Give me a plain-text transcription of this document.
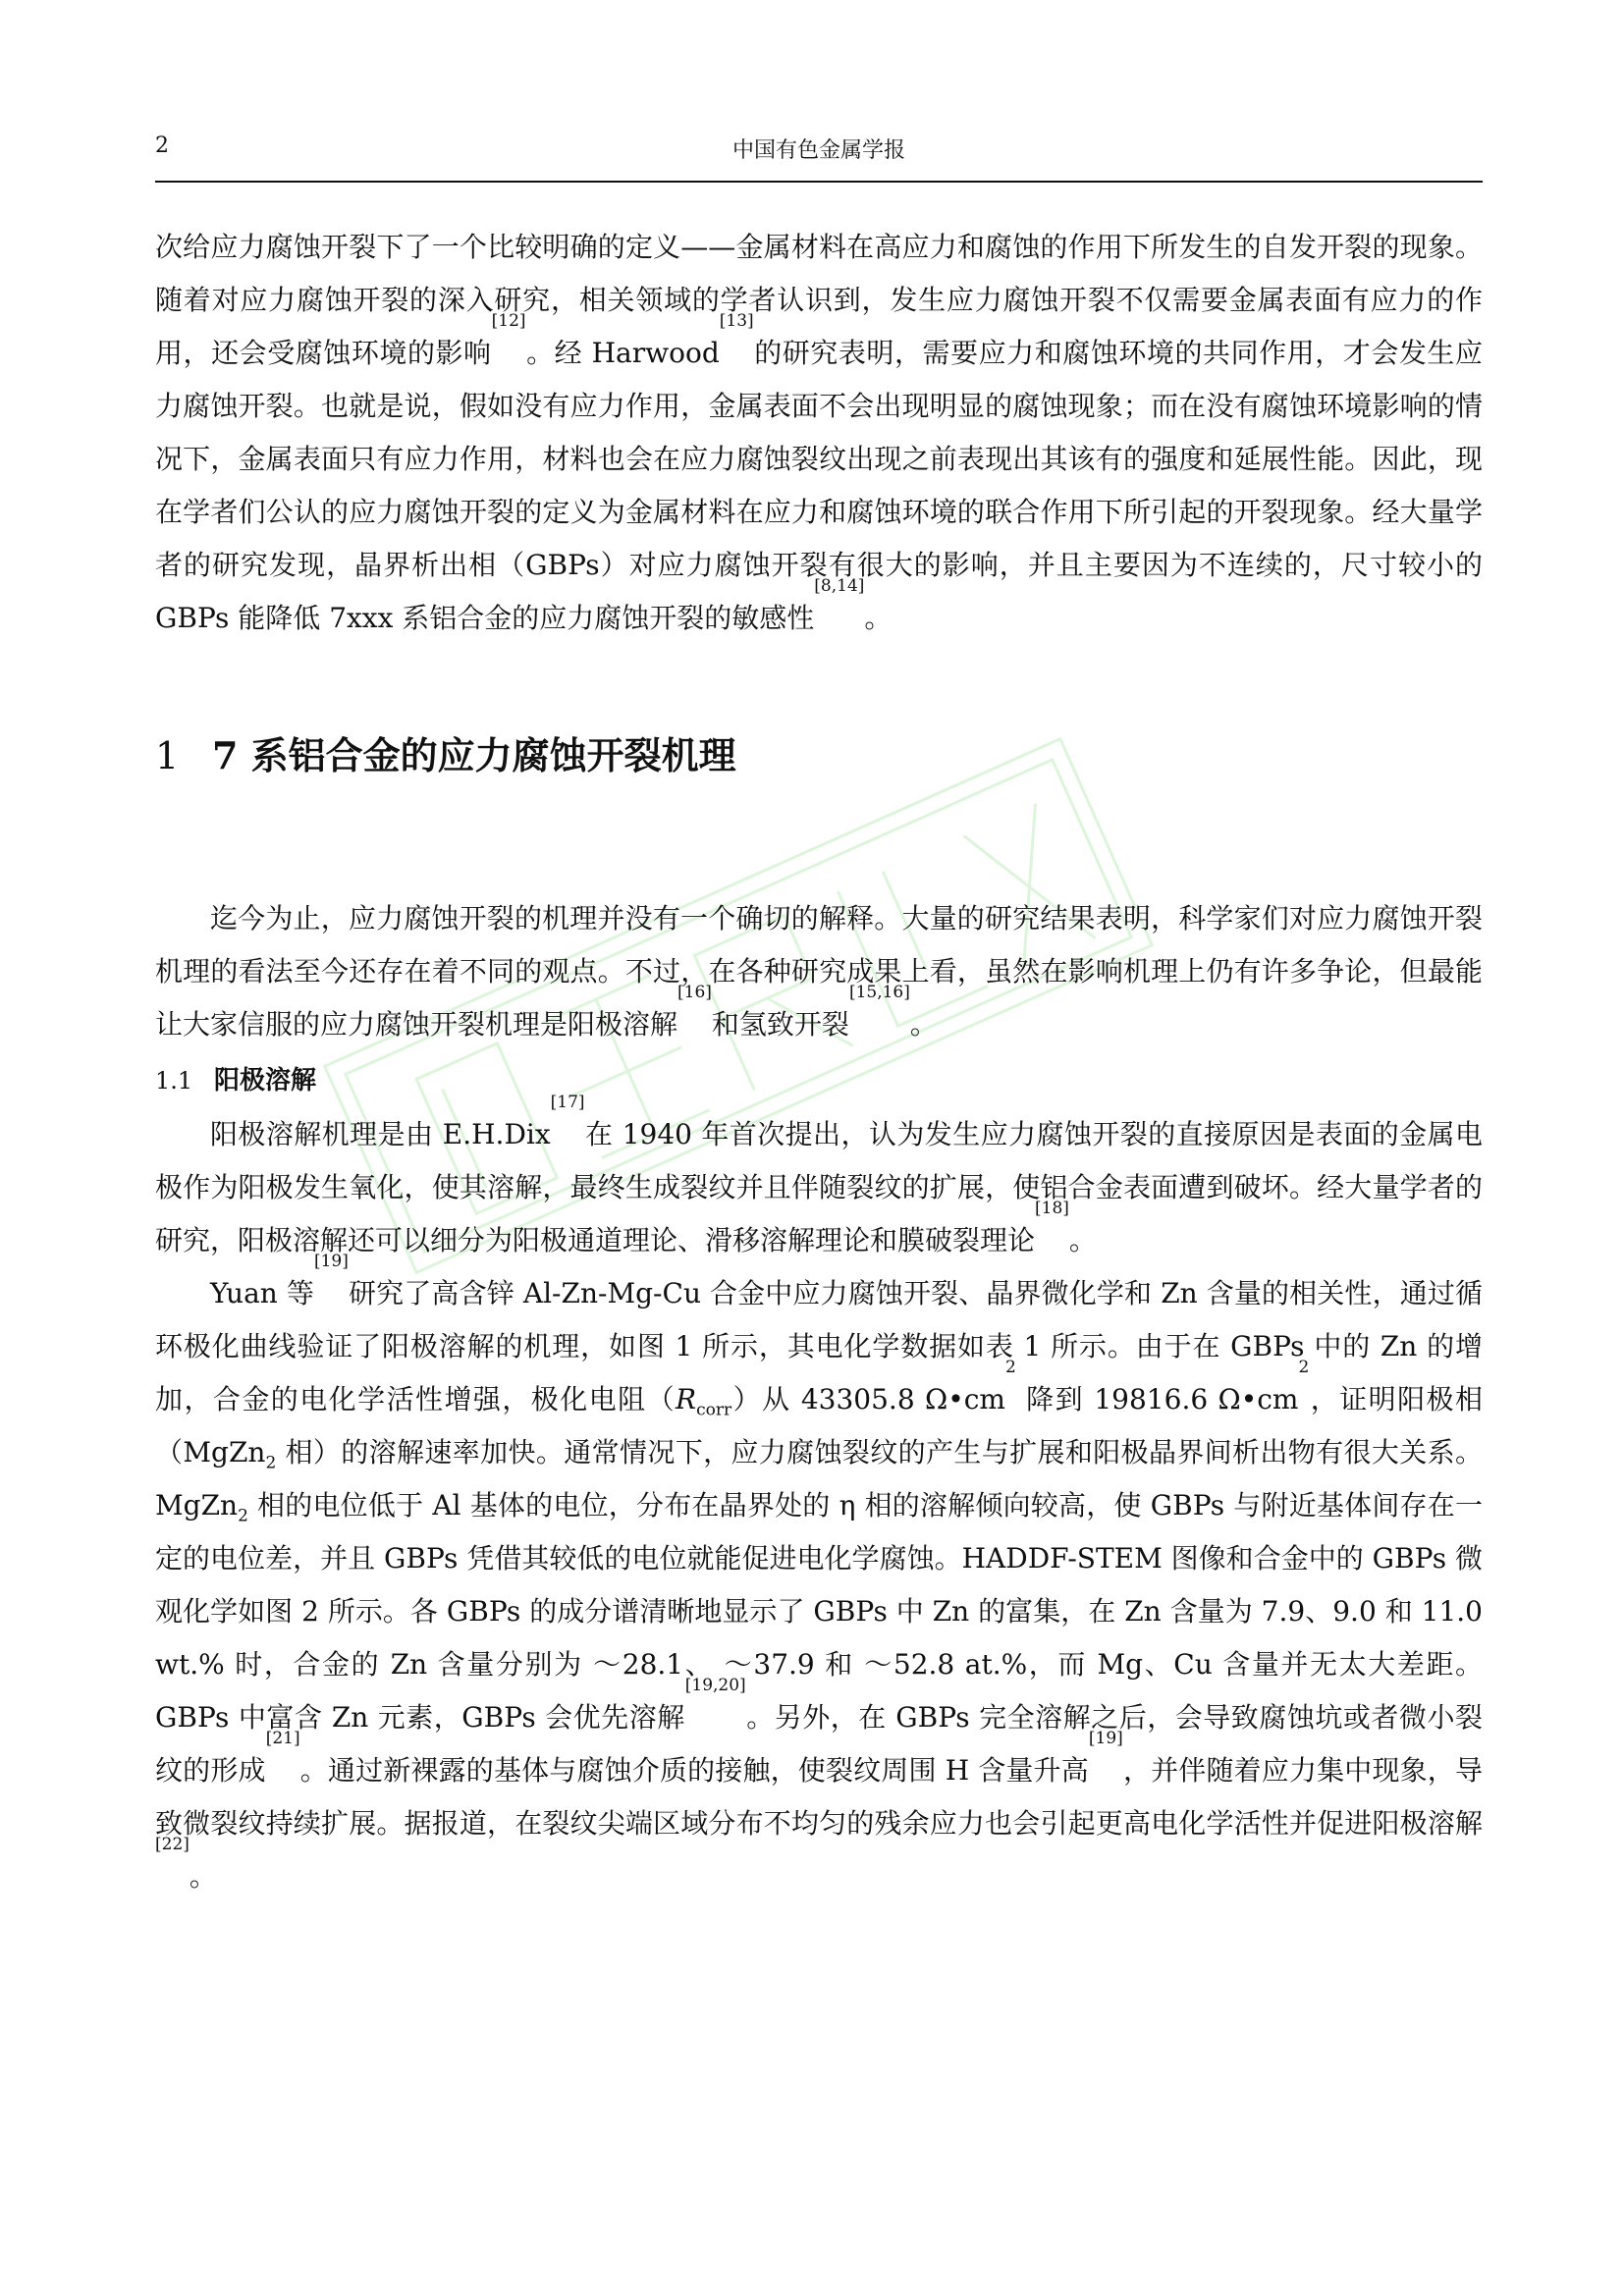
2	中国有色金属学报

次给应力腐蚀开裂下了一个比较明确的定义——金属材料在高应力和腐蚀的作用下所发生的自发开裂的现象。随着对应力腐蚀开裂的深入研究，相关领域的学者认识到，发生应力腐蚀开裂不仅需要金属表面有应力的作用，还会受腐蚀环境的影响[12]。经 Harwood[13]的研究表明，需要应力和腐蚀环境的共同作用，才会发生应力腐蚀开裂。也就是说，假如没有应力作用，金属表面不会出现明显的腐蚀现象；而在没有腐蚀环境影响的情况下，金属表面只有应力作用，材料也会在应力腐蚀裂纹出现之前表现出其该有的强度和延展性能。因此，现在学者们公认的应力腐蚀开裂的定义为金属材料在应力和腐蚀环境的联合作用下所引起的开裂现象。经大量学者的研究发现，晶界析出相（GBPs）对应力腐蚀开裂有很大的影响，并且主要因为不连续的，尺寸较小的 GBPs 能降低 7xxx 系铝合金的应力腐蚀开裂的敏感性[8,14]。

1 7 系铝合金的应力腐蚀开裂机理

迄今为止，应力腐蚀开裂的机理并没有一个确切的解释。大量的研究结果表明，科学家们对应力腐蚀开裂机理的看法至今还存在着不同的观点。不过，在各种研究成果上看，虽然在影响机理上仍有许多争论，但最能让大家信服的应力腐蚀开裂机理是阳极溶解[16]和氢致开裂[15,16]。

1.1 阳极溶解

阳极溶解机理是由 E.H.Dix[17]在 1940 年首次提出，认为发生应力腐蚀开裂的直接原因是表面的金属电极作为阳极发生氧化，使其溶解，最终生成裂纹并且伴随裂纹的扩展，使铝合金表面遭到破坏。经大量学者的研究，阳极溶解还可以细分为阳极通道理论、滑移溶解理论和膜破裂理论[18]。

Yuan 等[19]研究了高含锌 Al-Zn-Mg-Cu 合金中应力腐蚀开裂、晶界微化学和 Zn 含量的相关性，通过循环极化曲线验证了阳极溶解的机理，如图 1 所示，其电化学数据如表 1 所示。由于在 GBPs 中的 Zn 的增加，合金的电化学活性增强，极化电阻$(R_{corr})$从 43305.8 $\Omega•cm^2$ 降到 19816.6 $\Omega•cm^2$，证明阳极相（MgZn$_2$ 相）的溶解速率加快。通常情况下，应力腐蚀裂纹的产生与扩展和阳极晶界间析出物有很大关系。MgZn$_2$ 相的电位低于 Al 基体的电位，分布在晶界处的 η 相的溶解倾向较高，使 GBPs 与附近基体间存在一定的电位差，并且 GBPs 凭借其较低的电位就能促进电化学腐蚀。HADDF-STEM 图像和合金中的 GBPs 微观化学如图 2 所示。各 GBPs 的成分谱清晰地显示了 GBPs 中 Zn 的富集，在 Zn 含量为 7.9、9.0 和 11.0 wt.% 时，合金的 Zn 含量分别为 ～28.1、 ～37.9 和 ～52.8 at.%，而 Mg、Cu 含量并无太大差距。GBPs 中富含 Zn 元素，GBPs 会优先溶解[19,20]。另外，在 GBPs 完全溶解之后，会导致腐蚀坑或者微小裂纹的形成[21]。通过新裸露的基体与腐蚀介质的接触，使裂纹周围 H 含量升高[19]，并伴随着应力集中现象，导致微裂纹持续扩展。据报道，在裂纹尖端区域分布不均匀的残余应力也会引起更高电化学活性并促进阳极溶解[22]。
